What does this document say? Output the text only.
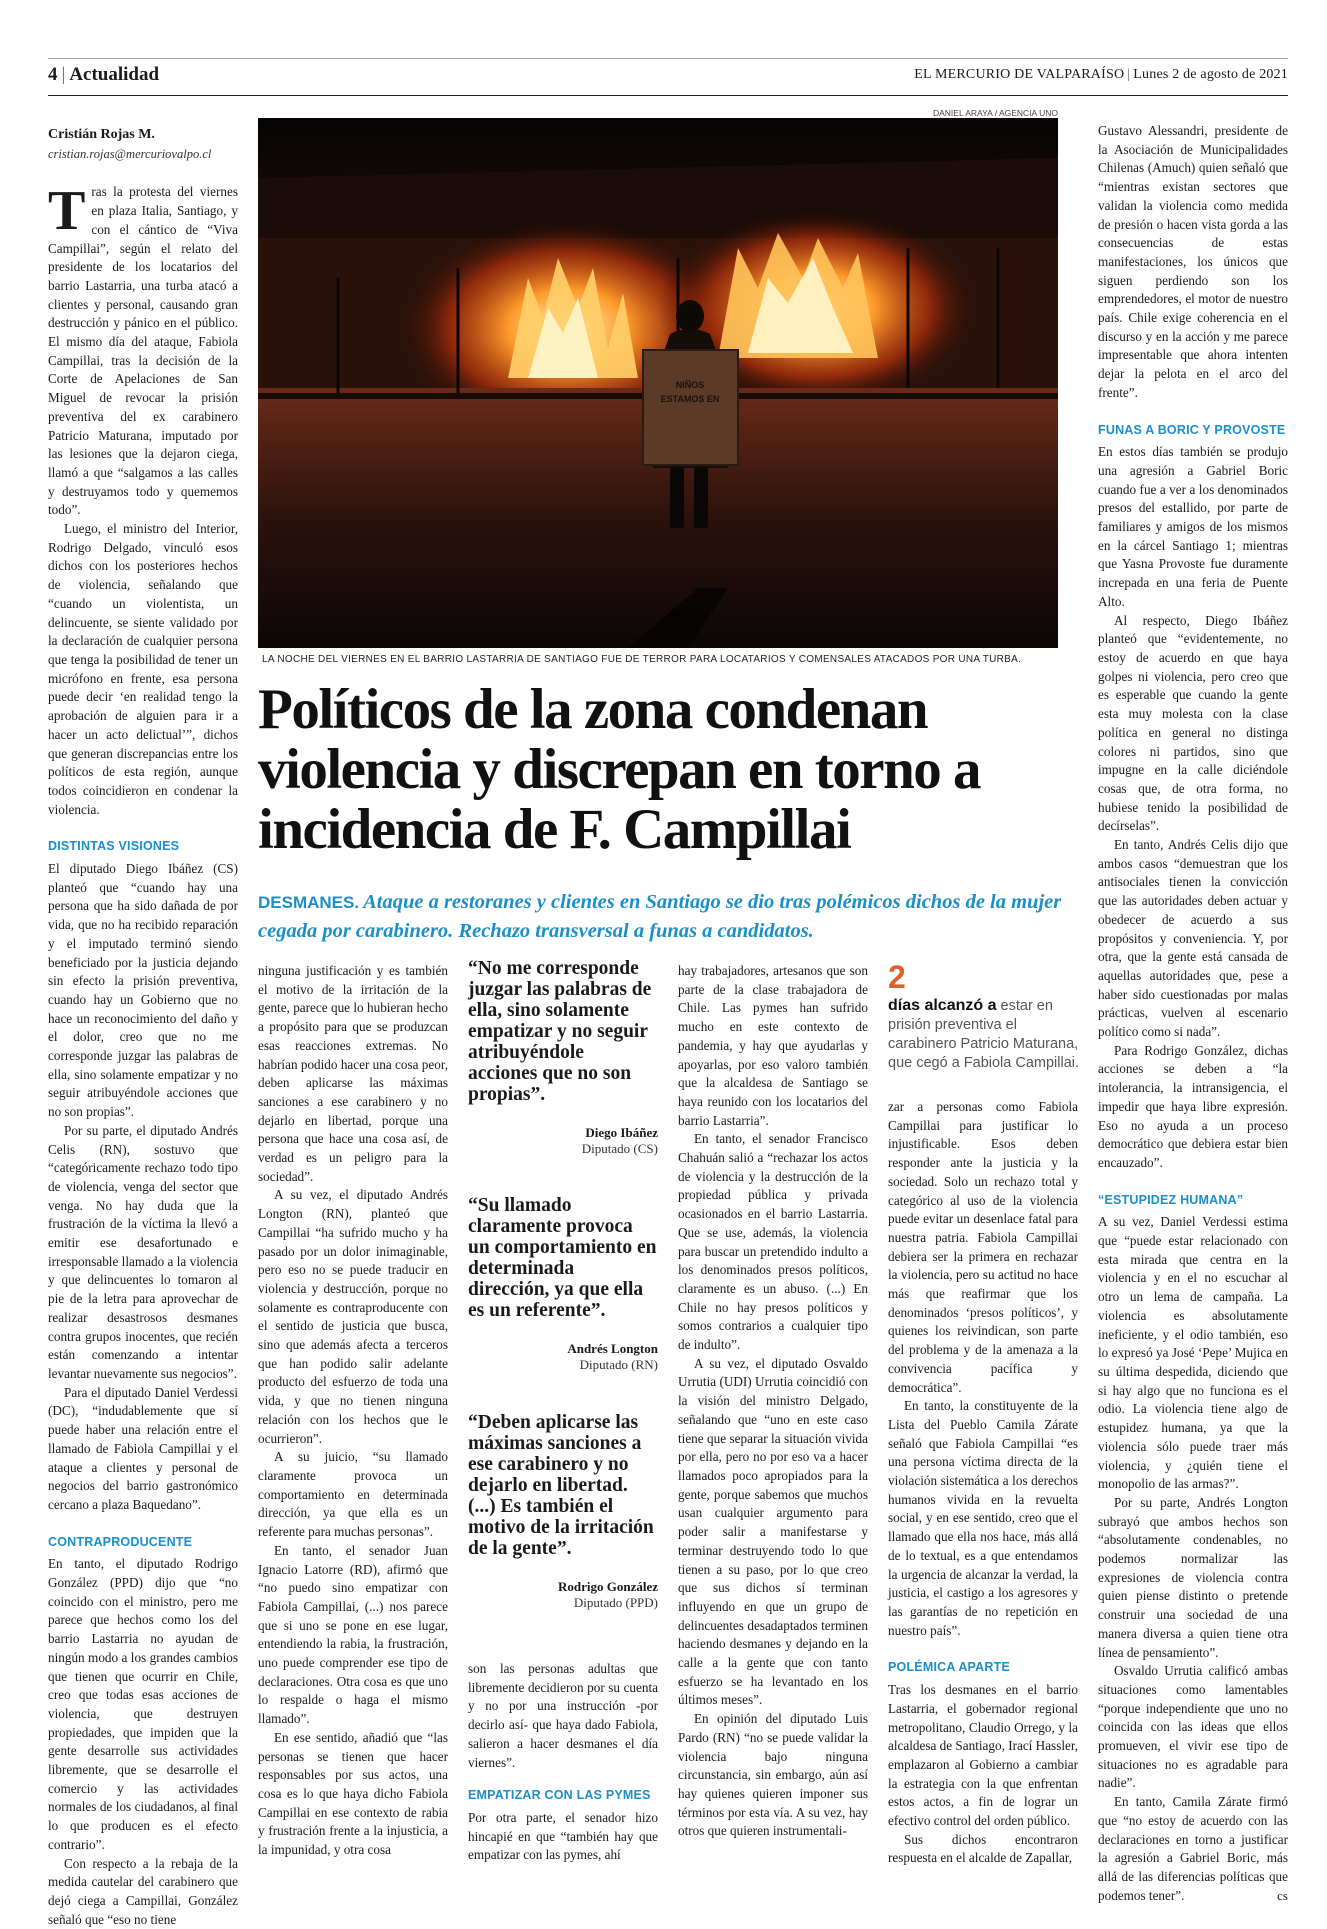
4 | Actualidad	EL MERCURIO DE VALPARAÍSO | Lunes 2 de agosto de 2021
Cristián Rojas M.
cristian.rojas@mercuriovalpo.cl

Tras la protesta del viernes en plaza Italia, Santiago, y con el cántico de “Viva Campillai”, según el relato del presidente de los locatarios del barrio Lastarria, una turba atacó a clientes y personal, causando gran destrucción y pánico en el público. El mismo día del ataque, Fabiola Campillai, tras la decisión de la Corte de Apelaciones de San Miguel de revocar la prisión preventiva del ex carabinero Patricio Maturana, imputado por las lesiones que la dejaron ciega, llamó a que “salgamos a las calles y destruyamos todo y quememos todo”.

Luego, el ministro del Interior, Rodrigo Delgado, vinculó esos dichos con los posteriores hechos de violencia, señalando que “cuando un violentista, un delincuente, se siente validado por la declaración de cualquier persona que tenga la posibilidad de tener un micrófono en frente, esa persona puede decir ‘en realidad tengo la aprobación de alguien para ir a hacer un acto delictual’”, dichos que generan discrepancias entre los políticos de esta región, aunque todos coincidieron en condenar la violencia.

DISTINTAS VISIONES

El diputado Diego Ibáñez (CS) planteó que “cuando hay una persona que ha sido dañada de por vida, que no ha recibido reparación y el imputado terminó siendo beneficiado por la justicia dejando sin efecto la prisión preventiva, cuando hay un Gobierno que no hace un reconocimiento del daño y el dolor, creo que no me corresponde juzgar las palabras de ella, sino solamente empatizar y no seguir atribuyéndole acciones que no son propias”.

Por su parte, el diputado Andrés Celis (RN), sostuvo que “categóricamente rechazo todo tipo de violencia, venga del sector que venga. No hay duda que la frustración de la víctima la llevó a emitir ese desafortunado e irresponsable llamado a la violencia y que delincuentes lo tomaron al pie de la letra para aprovechar de realizar desastrosos desmanes contra grupos inocentes, que recién están comenzando a intentar levantar nuevamente sus negocios”.

Para el diputado Daniel Verdessi (DC), “indudablemente que sí puede haber una relación entre el llamado de Fabiola Campillai y el ataque a clientes y personal de negocios del barrio gastronómico cercano a plaza Baquedano”.

CONTRAPRODUCENTE

En tanto, el diputado Rodrigo González (PPD) dijo que “no coincido con el ministro, pero me parece que hechos como los del barrio Lastarria no ayudan de ningún modo a los grandes cambios que tienen que ocurrir en Chile, creo que todas esas acciones de violencia, que destruyen propiedades, que impiden que la gente desarrolle sus actividades libremente, que se desarrolle el comercio y las actividades normales de los ciudadanos, al final lo que producen es el efecto contrario”.

Con respecto a la rebaja de la medida cautelar del carabinero que dejó ciega a Campillai, González señaló que “eso no tiene

DANIEL ARAYA / AGENCIA UNO
NIÑOS
ESTAMOS EN
LA NOCHE DEL VIERNES EN EL BARRIO LASTARRIA DE SANTIAGO FUE DE TERROR PARA LOCATARIOS Y COMENSALES ATACADOS POR UNA TURBA.
Políticos de la zona condenan violencia y discrepan en torno a incidencia de F. Campillai
DESMANES. Ataque a restoranes y clientes en Santiago se dio tras polémicos dichos de la mujer cegada por carabinero. Rechazo transversal a funas a candidatos.

ninguna justificación y es también el motivo de la irritación de la gente, parece que lo hubieran hecho a propósito para que se produzcan esas reacciones extremas. No habrían podido hacer una cosa peor, deben aplicarse las máximas sanciones a ese carabinero y no dejarlo en libertad, porque una persona que hace una cosa así, de verdad es un peligro para la sociedad”.

A su vez, el diputado Andrés Longton (RN), planteó que Campillai “ha sufrido mucho y ha pasado por un dolor inimaginable, pero eso no se puede traducir en violencia y destrucción, porque no solamente es contraproducente con el sentido de justicia que busca, sino que además afecta a terceros que han podido salir adelante producto del esfuerzo de toda una vida, y que no tienen ninguna relación con los hechos que le ocurrieron”.

A su juicio, “su llamado claramente provoca un comportamiento en determinada dirección, ya que ella es un referente para muchas personas”.

En tanto, el senador Juan Ignacio Latorre (RD), afirmó que “no puedo sino empatizar con Fabiola Campillai, (...) nos parece que si uno se pone en ese lugar, entendiendo la rabia, la frustración, uno puede comprender ese tipo de declaraciones. Otra cosa es que uno lo respalde o haga el mismo llamado”.

En ese sentido, añadió que “las personas se tienen que hacer responsables por sus actos, una cosa es lo que haya dicho Fabiola Campillai en ese contexto de rabia y frustración frente a la injusticia, a la impunidad, y otra cosa

“No me corresponde juzgar las palabras de ella, sino solamente empatizar y no seguir atribuyéndole acciones que no son propias”.
Diego Ibáñez
Diputado (CS)
“Su llamado claramente provoca un comportamiento en determinada dirección, ya que ella es un referente”.
Andrés Longton
Diputado (RN)
“Deben aplicarse las máximas sanciones a ese carabinero y no dejarlo en libertad. (...) Es también el motivo de la irritación de la gente”.
Rodrigo González
Diputado (PPD)

son las personas adultas que libremente decidieron por su cuenta y no por una instrucción -por decirlo así- que haya dado Fabiola, salieron a hacer desmanes el día viernes”.

EMPATIZAR CON LAS PYMES

Por otra parte, el senador hizo hincapié en que “también hay que empatizar con las pymes, ahí

hay trabajadores, artesanos que son parte de la clase trabajadora de Chile. Las pymes han sufrido mucho en este contexto de pandemia, y hay que ayudarlas y apoyarlas, por eso valoro también que la alcaldesa de Santiago se haya reunido con los locatarios del barrio Lastarria”.

En tanto, el senador Francisco Chahuán salió a “rechazar los actos de violencia y la destrucción de la propiedad pública y privada ocasionados en el barrio Lastarria. Que se use, además, la violencia para buscar un pretendido indulto a los denominados presos políticos, claramente es un abuso. (...) En Chile no hay presos políticos y somos contrarios a cualquier tipo de indulto”.

A su vez, el diputado Osvaldo Urrutia (UDI) Urrutia coincidió con la visión del ministro Delgado, señalando que “uno en este caso tiene que separar la situación vivida por ella, pero no por eso va a hacer llamados poco apropiados para la gente, porque sabemos que muchos usan cualquier argumento para poder salir a manifestarse y terminar destruyendo todo lo que tienen a su paso, por lo que creo que sus dichos sí terminan influyendo en que un grupo de delincuentes desadaptados terminen haciendo desmanes y dejando en la calle a la gente que con tanto esfuerzo se ha levantado en los últimos meses”.

En opinión del diputado Luis Pardo (RN) “no se puede validar la violencia bajo ninguna circunstancia, sin embargo, aún así hay quienes quieren imponer sus términos por esta vía. A su vez, hay otros que quieren instrumentali-

2
días alcanzó a estar en prisión preventiva el carabinero Patricio Maturana, que cegó a Fabiola Campillai.

zar a personas como Fabiola Campillai para justificar lo injustificable. Esos deben responder ante la justicia y la sociedad. Solo un rechazo total y categórico al uso de la violencia puede evitar un desenlace fatal para nuestra patria. Fabiola Campillai debiera ser la primera en rechazar la violencia, pero su actitud no hace más que reafirmar que los denominados ‘presos políticos’, y quienes los reivindican, son parte del problema y de la amenaza a la convivencia pacífica y democrática”.

En tanto, la constituyente de la Lista del Pueblo Camila Zárate señaló que Fabiola Campillai “es una persona víctima directa de la violación sistemática a los derechos humanos vivida en la revuelta social, y en ese sentido, creo que el llamado que ella nos hace, más allá de lo textual, es a que entendamos la urgencia de alcanzar la verdad, la justicia, el castigo a los agresores y las garantías de no repetición en nuestro país”.

POLÉMICA APARTE

Tras los desmanes en el barrio Lastarria, el gobernador regional metropolitano, Claudio Orrego, y la alcaldesa de Santiago, Irací Hassler, emplazaron al Gobierno a cambiar la estrategia con la que enfrentan estos actos, a fin de lograr un efectivo control del orden público.

Sus dichos encontraron respuesta en el alcalde de Zapallar,

Gustavo Alessandri, presidente de la Asociación de Municipalidades Chilenas (Amuch) quien señaló que “mientras existan sectores que validan la violencia como medida de presión o hacen vista gorda a las consecuencias de estas manifestaciones, los únicos que siguen perdiendo son los emprendedores, el motor de nuestro país. Chile exige coherencia en el discurso y en la acción y me parece impresentable que ahora intenten dejar la pelota en el arco del frente”.

FUNAS A BORIC Y PROVOSTE

En estos días también se produjo una agresión a Gabriel Boric cuando fue a ver a los denominados presos del estallido, por parte de familiares y amigos de los mismos en la cárcel Santiago 1; mientras que Yasna Provoste fue duramente increpada en una feria de Puente Alto.

Al respecto, Diego Ibáñez planteó que “evidentemente, no estoy de acuerdo en que haya golpes ni violencia, pero creo que es esperable que cuando la gente esta muy molesta con la clase política en general no distinga colores ni partidos, sino que impugne en la calle diciéndole cosas que, de otra forma, no hubiese tenido la posibilidad de decírselas”.

En tanto, Andrés Celis dijo que ambos casos “demuestran que los antisociales tienen la convicción que las autoridades deben actuar y obedecer de acuerdo a sus propósitos y conveniencia. Y, por otra, que la gente está cansada de aquellas autoridades que, pese a haber sido cuestionadas por malas prácticas, vuelven al escenario político como si nada”.

Para Rodrigo González, dichas acciones se deben a “la intolerancia, la intransigencia, el impedir que haya libre expresión. Eso no ayuda a un proceso democrático que debiera estar bien encauzado”.

“ESTUPIDEZ HUMANA”

A su vez, Daniel Verdessi estima que “puede estar relacionado con esta mirada que centra en la violencia y en el no escuchar al otro un lema de campaña. La violencia es absolutamente ineficiente, y el odio también, eso lo expresó ya José ‘Pepe’ Mujica en su última despedida, diciendo que si hay algo que no funciona es el odio. La violencia tiene algo de estupidez humana, ya que la violencia sólo puede traer más violencia, y ¿quién tiene el monopolio de las armas?”.

Por su parte, Andrés Longton subrayó que ambos hechos son “absolutamente condenables, no podemos normalizar las expresiones de violencia contra quien piense distinto o pretende construir una sociedad de una manera diversa a quien tiene otra línea de pensamiento”.

Osvaldo Urrutia calificó ambas situaciones como lamentables “porque independiente que uno no coincida con las ideas que ellos promueven, el vivir ese tipo de situaciones no es agradable para nadie”.

En tanto, Camila Zárate firmó que “no estoy de acuerdo con las declaraciones en torno a justificar la agresión a Gabriel Boric, más allá de las diferencias políticas que podemos tener”.	cs
